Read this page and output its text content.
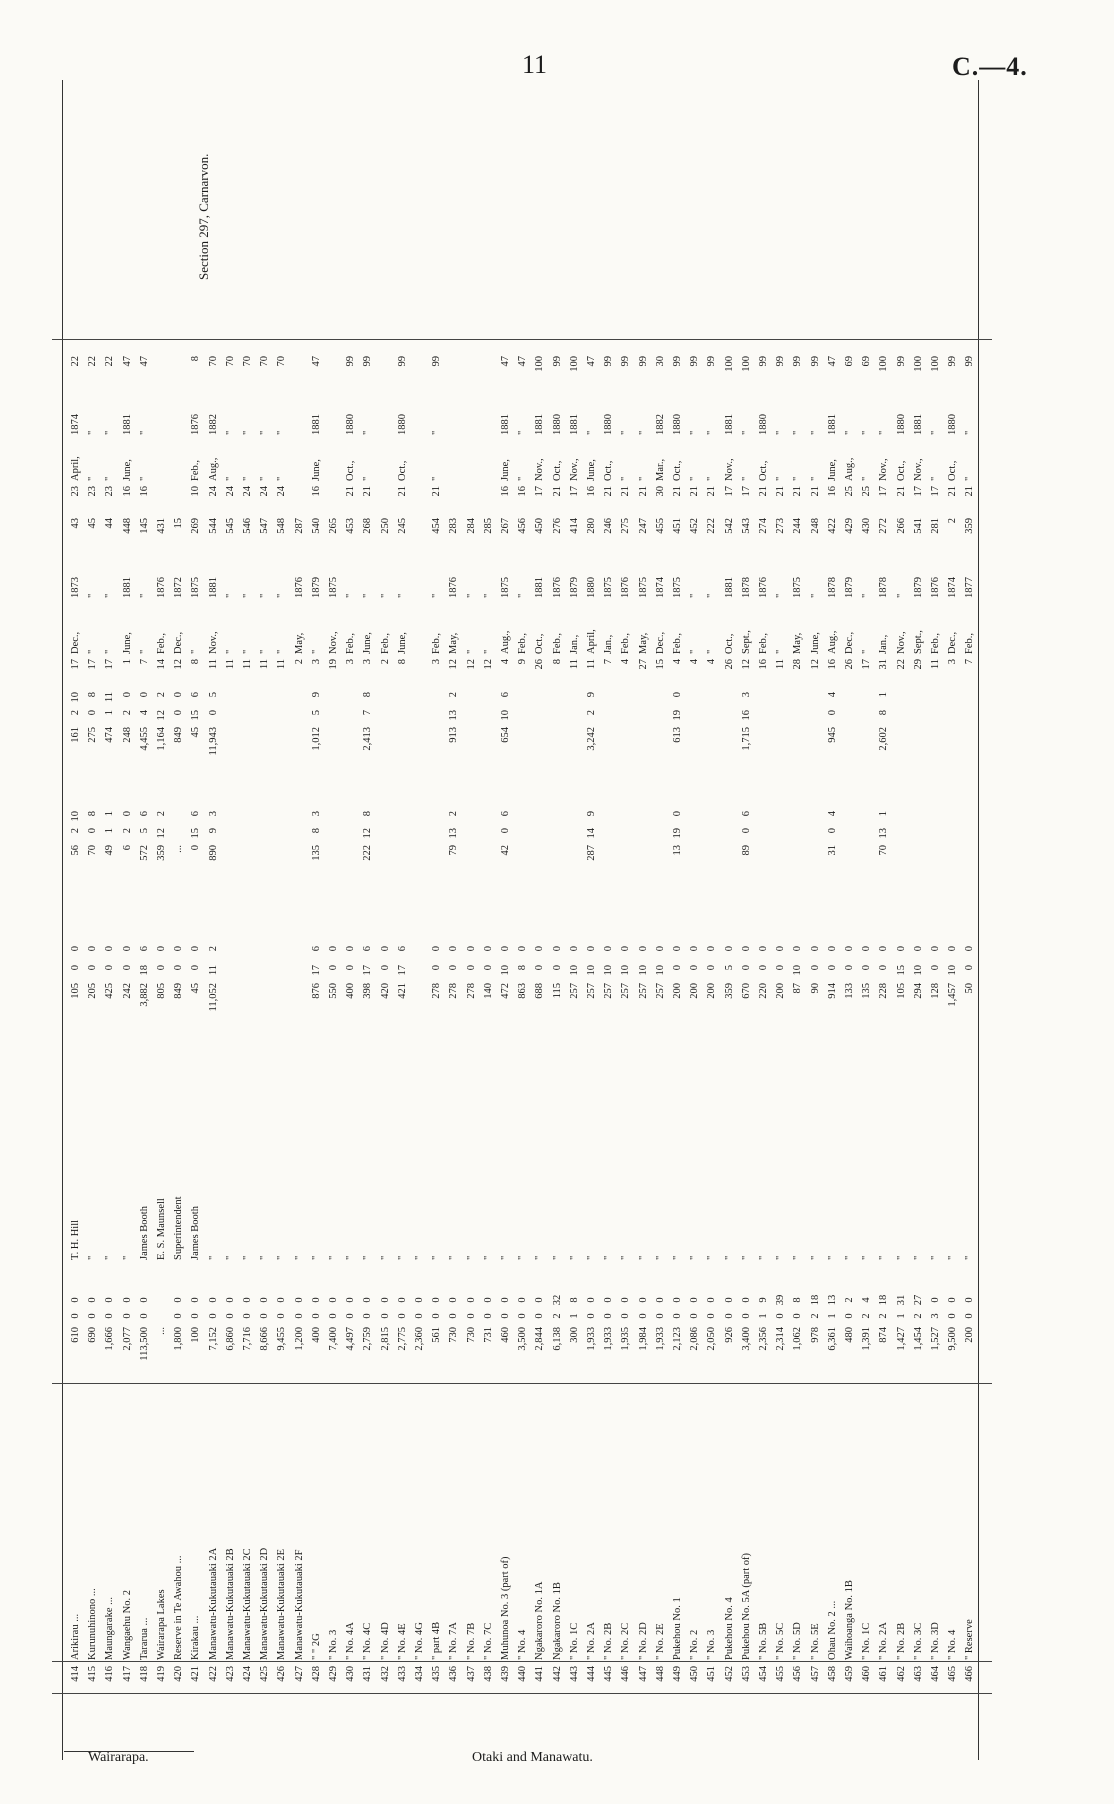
11	C.—4.
Wairarapa.	Otaki and Manawatu.
Section 297, Carnarvon.
414
Arikirau ...
610
0
0
T. H. Hill
105
0
0
56
2
10
161
2
10
17
Dec.,
1873
43
23
April,
1874
22
415
Kurunuhinono ...
690
0
0
"
205
0
0
70
0
8
275
0
8
17
"
"
45
23
"
"
22
416
Maungarake ...
1,666
0
0
"
425
0
0
49
1
1
474
1
11
17
"
"
44
23
"
"
22
417
Wangaehu No. 2
2,077
0
0
"
242
0
0
6
2
0
248
2
0
1
June,
1881
448
16
June,
1881
47
418
Tararua ...
113,500
0
0
James Booth
3,882
18
6
572
5
6
4,455
4
0
7
"
"
145
16
"
"
47
419
Wairarapa Lakes
...
E. S. Maunsell
805
0
0
359
12
2
1,164
12
2
14
Feb.,
1876
431
420
Reserve in Te Awahou ...
1,800
0
0
Superintendent
849
0
0
...
849
0
0
12
Dec.,
1872
15
421
Kirakau ...
100
0
0
James Booth
45
0
0
0
15
6
45
15
6
8
"
1875
269
10
Feb.,
1876
8
422
Manawatu-Kukutauaki 2A
7,152
0
0
"
11,052
11
2
890
9
3
11,943
0
5
11
Nov.,
1881
544
24
Aug.,
1882
70
423
Manawatu-Kukutauaki 2B
6,860
0
0
"
11
"
"
545
24
"
"
70
424
Manawatu-Kukutauaki 2C
7,716
0
0
"
11
"
"
546
24
"
"
70
425
Manawatu-Kukutauaki 2D
8,666
0
0
"
11
"
"
547
24
"
"
70
426
Manawatu-Kukutauaki 2E
9,455
0
0
"
11
"
"
548
24
"
"
70
427
Manawatu-Kukutauaki 2F
1,200
0
0
"
2
May,
1876
287
428
" " 2G
400
0
0
"
876
17
6
135
8
3
1,012
5
9
3
"
1879
540
16
June,
1881
47
429
" No. 3
7,400
0
0
"
550
0
0
19
Nov.,
1875
265
430
" No. 4A
4,497
0
0
"
400
0
0
3
Feb.,
"
453
21
Oct.,
1880
99
431
" No. 4C
2,759
0
0
"
398
17
6
222
12
8
2,413
7
8
3
June,
"
268
21
"
"
99
432
" No. 4D
2,815
0
0
"
420
0
0
2
Feb.,
"
250
433
" No. 4E
2,775
0
0
"
421
17
6
8
June,
"
245
21
Oct.,
1880
99
434
" No. 4G
2,360
0
0
"
435
" part 4B
561
0
0
"
278
0
0
3
Feb.,
"
454
21
"
"
99
436
" No. 7A
730
0
0
"
278
0
0
79
13
2
913
13
2
12
May,
1876
283
437
" No. 7B
730
0
0
"
278
0
0
12
"
"
284
438
" No. 7C
731
0
0
"
140
0
0
12
"
"
285
439
Muhunoa No. 3 (part of)
460
0
0
"
472
10
0
42
0
6
654
10
6
4
Aug.,
1875
267
16
June,
1881
47
440
" No. 4
3,500
0
0
"
863
8
0
9
Feb.,
"
456
16
"
"
47
441
Ngakaroro No. 1A
2,844
0
0
"
688
0
0
26
Oct.,
1881
450
17
Nov.,
1881
100
442
Ngakaroro No. 1B
6,138
2
32
"
115
0
0
8
Feb.,
1876
276
21
Oct.,
1880
99
443
" No. 1C
300
1
8
"
257
10
0
11
Jan.,
1879
414
17
Nov.,
1881
100
444
" No. 2A
1,933
0
0
"
257
10
0
287
14
9
3,242
2
9
11
April,
1880
280
16
June,
"
47
445
" No. 2B
1,933
0
0
"
257
10
0
7
Jan.,
1875
246
21
Oct.,
1880
99
446
" No. 2C
1,935
0
0
"
257
10
0
4
Feb.,
1876
275
21
"
"
99
447
" No. 2D
1,984
0
0
"
257
10
0
27
May,
1875
247
21
"
"
99
448
" No. 2E
1,933
0
0
"
257
10
0
15
Dec.,
1874
455
30
Mar.,
1882
30
449
Pukehou No. 1
2,123
0
0
"
200
0
0
13
19
0
613
19
0
4
Feb.,
1875
451
21
Oct.,
1880
99
450
" No. 2
2,086
0
0
"
200
0
0
4
"
"
452
21
"
"
99
451
" No. 3
2,050
0
0
"
200
0
0
4
"
"
222
21
"
"
99
452
Pukehou No. 4
926
0
0
"
359
5
0
26
Oct.,
1881
542
17
Nov.,
1881
100
453
Pukehou No. 5A (part of)
3,400
0
0
"
670
0
0
89
0
6
1,715
16
3
12
Sept.,
1878
543
17
"
"
100
454
" No. 5B
2,356
1
9
"
220
0
0
16
Feb.,
1876
274
21
Oct.,
1880
99
455
" No. 5C
2,314
0
39
"
200
0
0
11
"
"
273
21
"
"
99
456
" No. 5D
1,062
0
8
"
87
10
0
28
May,
1875
244
21
"
"
99
457
" No. 5E
978
2
18
"
90
0
0
12
June,
"
248
21
"
"
99
458
Ohau No. 2 ...
6,361
1
13
"
914
0
0
31
0
4
945
0
4
16
Aug.,
1878
422
16
June,
1881
47
459
Waihoanga No. 1B
480
0
2
"
133
0
0
26
Dec.,
1879
429
25
Aug.,
"
69
460
" No. 1C
1,391
2
4
"
135
0
0
17
"
"
430
25
"
"
69
461
" No. 2A
874
2
18
"
228
0
0
70
13
1
2,602
8
1
31
Jan.,
1878
272
17
Nov.,
"
100
462
" No. 2B
1,427
1
31
"
105
15
0
22
Nov.,
"
266
21
Oct.,
1880
99
463
" No. 3C
1,454
2
27
"
294
10
0
29
Sept.,
1879
541
17
Nov.,
1881
100
464
" No. 3D
1,527
3
0
"
128
0
0
11
Feb.,
1876
281
17
"
"
100
465
" No. 4
9,500
0
0
"
1,457
10
0
3
Dec.,
1874
2
21
Oct.,
1880
99
466
" Reserve
200
0
0
"
50
0
0
7
Feb.,
1877
359
21
"
"
99
